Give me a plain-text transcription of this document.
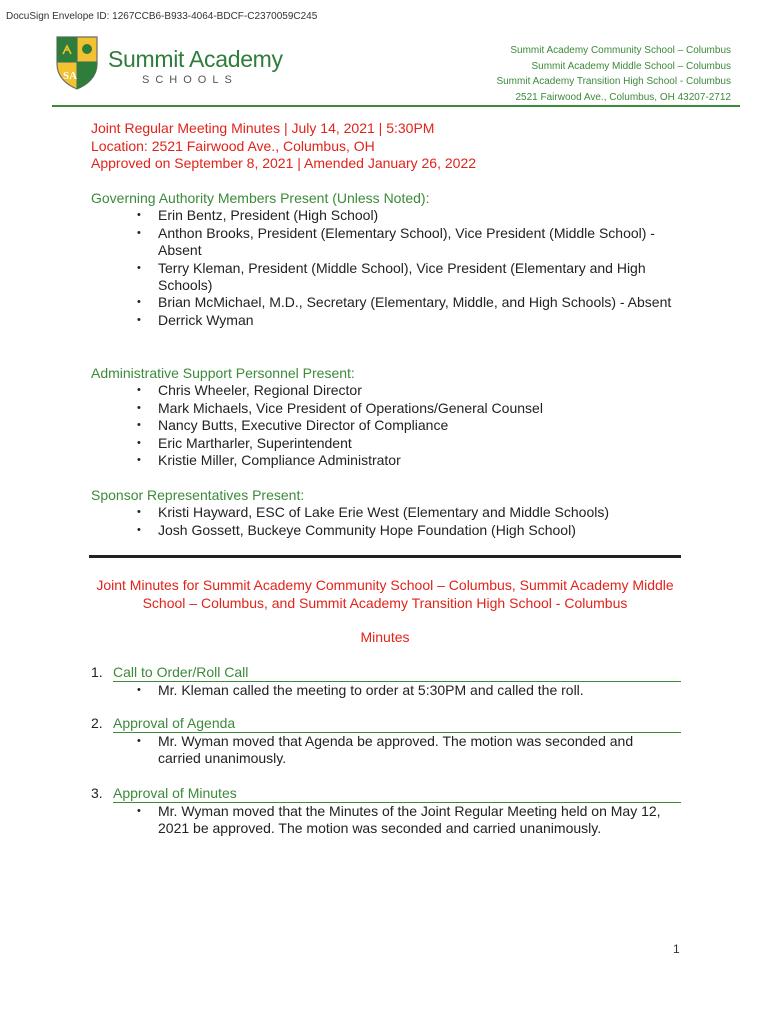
DocuSign Envelope ID: 1267CCB6-B933-4064-BDCF-C2370059C245
SA
Summit Academy
SCHOOLS
Summit Academy Community School – Columbus
Summit Academy Middle School – Columbus
Summit Academy Transition High School - Columbus
2521 Fairwood Ave., Columbus, OH 43207-2712
Joint Regular Meeting Minutes | July 14, 2021 | 5:30PM
Location: 2521 Fairwood Ave., Columbus, OH
Approved on September 8, 2021 | Amended January 26, 2022
Governing Authority Members Present (Unless Noted):
• Erin Bentz, President (High School)
• Anthon Brooks, President (Elementary School), Vice President (Middle School) - Absent
• Terry Kleman, President (Middle School), Vice President (Elementary and High Schools)
• Brian McMichael, M.D., Secretary (Elementary, Middle, and High Schools) - Absent
• Derrick Wyman
Administrative Support Personnel Present:
• Chris Wheeler, Regional Director
• Mark Michaels, Vice President of Operations/General Counsel
• Nancy Butts, Executive Director of Compliance
• Eric Martharler, Superintendent
• Kristie Miller, Compliance Administrator
Sponsor Representatives Present:
• Kristi Hayward, ESC of Lake Erie West (Elementary and Middle Schools)
• Josh Gossett, Buckeye Community Hope Foundation (High School)
Joint Minutes for Summit Academy Community School – Columbus, Summit Academy Middle School – Columbus, and Summit Academy Transition High School - Columbus
Minutes
1. Call to Order/Roll Call
• Mr. Kleman called the meeting to order at 5:30PM and called the roll.
2. Approval of Agenda
• Mr. Wyman moved that Agenda be approved. The motion was seconded and carried unanimously.
3. Approval of Minutes
• Mr. Wyman moved that the Minutes of the Joint Regular Meeting held on May 12, 2021 be approved. The motion was seconded and carried unanimously.
1
